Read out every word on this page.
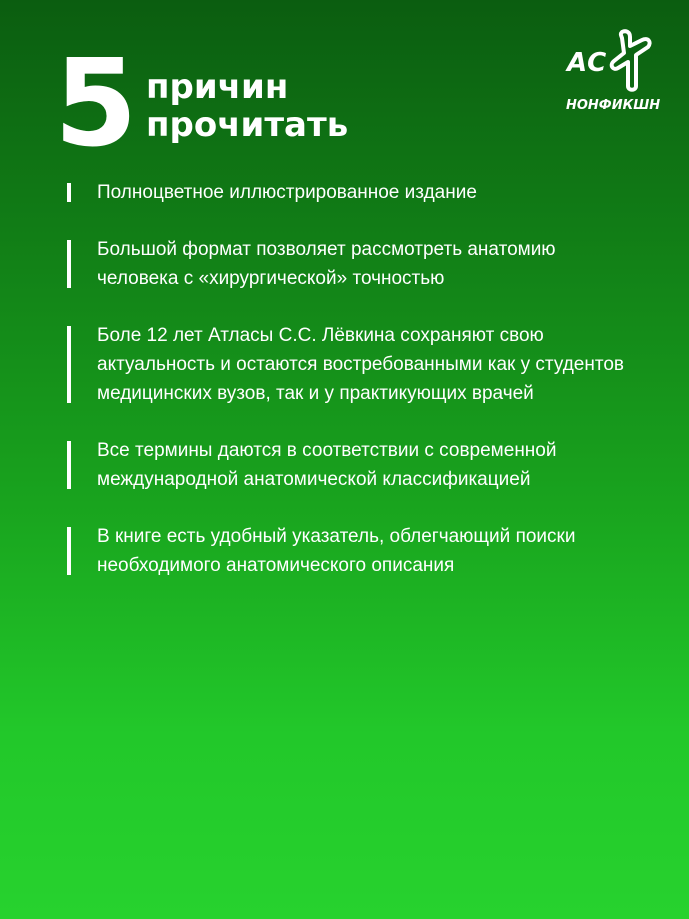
5 причин
прочитать
АС
НОНФИКШН
Полноцветное иллюстрированное издание
Большой формат позволяет рассмотреть анатомию человека с «хирургической» точностью
Боле 12 лет Атласы С.С. Лёвкина сохраняют свою актуальность и остаются востребованными как у студентов медицинских вузов, так и у практикующих врачей
Все термины даются в соответствии с современной международной анатомической классификацией
В книге есть удобный указатель, облегчающий поиски необходимого анатомического описания
